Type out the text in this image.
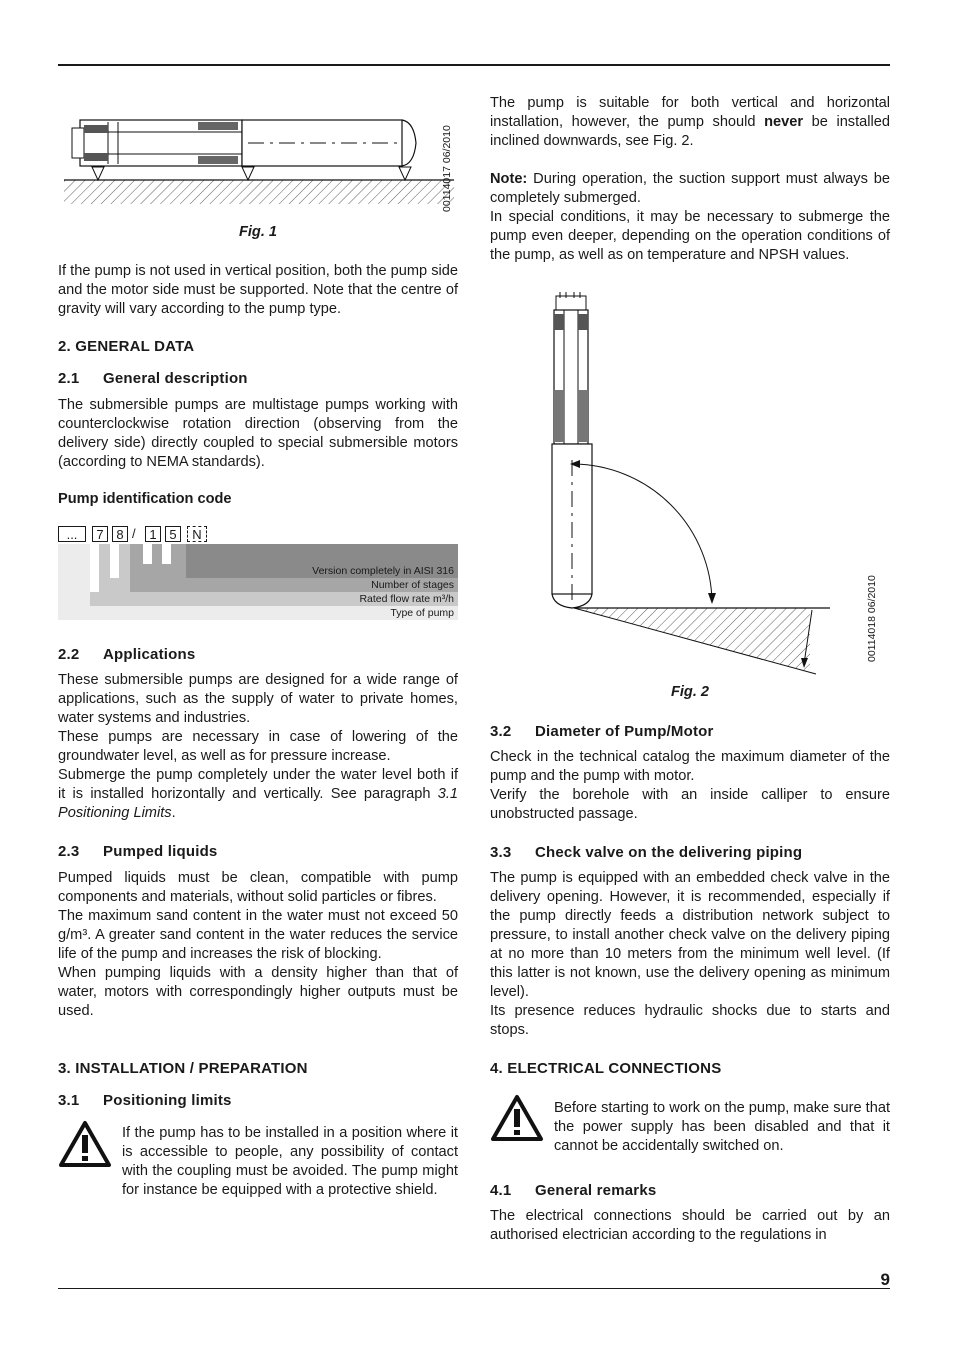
00114017 06/2010
Fig. 1

If the pump is not used in vertical position, both the pump side and the motor side must be supported. Note that the centre of gravity will vary according to the pump type.

2. GENERAL DATA
2.1 General description

The submersible pumps are multistage pumps working with counterclockwise rotation direction (observing from the delivery side) directly coupled to special submersible motors (according to NEMA standards).

Pump identification code
...	7 8 /	1 5	N
Version completely in AISI 316
Number of stages
Rated flow rate m³/h
Type of pump
2.2 Applications

These submersible pumps are designed for a wide range of applications, such as the supply of water to private homes, water systems and industries.

These pumps are necessary in case of lowering of the groundwater level, as well as for pressure increase.

Submerge the pump completely under the water level both if it is installed horizontally and vertically. See paragraph 3.1 Positioning Limits.

2.3 Pumped liquids

Pumped liquids must be clean, compatible with pump components and materials, without solid particles or fibres.

The maximum sand content in the water must not exceed 50 g/m³. A greater sand content in the water reduces the service life of the pump and increases the risk of blocking.

When pumping liquids with a density higher than that of water, motors with correspondingly higher outputs must be used.

3. INSTALLATION / PREPARATION
3.1 Positioning limits

If the pump has to be installed in a position where it is accessible to people, any possibility of contact with the coupling must be avoided. The pump might for instance be equipped with a protective shield.

The pump is suitable for both vertical and horizontal installation, however, the pump should never be installed inclined downwards, see Fig. 2.

Note: During operation, the suction support must always be completely submerged.

In special conditions, it may be necessary to submerge the pump even deeper, depending on the operation conditions of the pump, as well as on temperature and NPSH values.

00114018 06/2010
Fig. 2
3.2 Diameter of Pump/Motor

Check in the technical catalog the maximum diameter of the pump and the pump with motor.

Verify the borehole with an inside calliper to ensure unobstructed passage.

3.3 Check valve on the delivering piping

The pump is equipped with an embedded check valve in the delivery opening. However, it is recommended, especially if the pump directly feeds a distribution network subject to pressure, to install another check valve on the delivery piping at no more than 10 meters from the minimum well level. (If this latter is not known, use the delivery opening as minimum level).

Its presence reduces hydraulic shocks due to starts and stops.

4. ELECTRICAL CONNECTIONS

Before starting to work on the pump, make sure that the power supply has been disabled and that it cannot be accidentally switched on.

4.1 General remarks

The electrical connections should be carried out by an authorised electrician according to the regulations in

9
